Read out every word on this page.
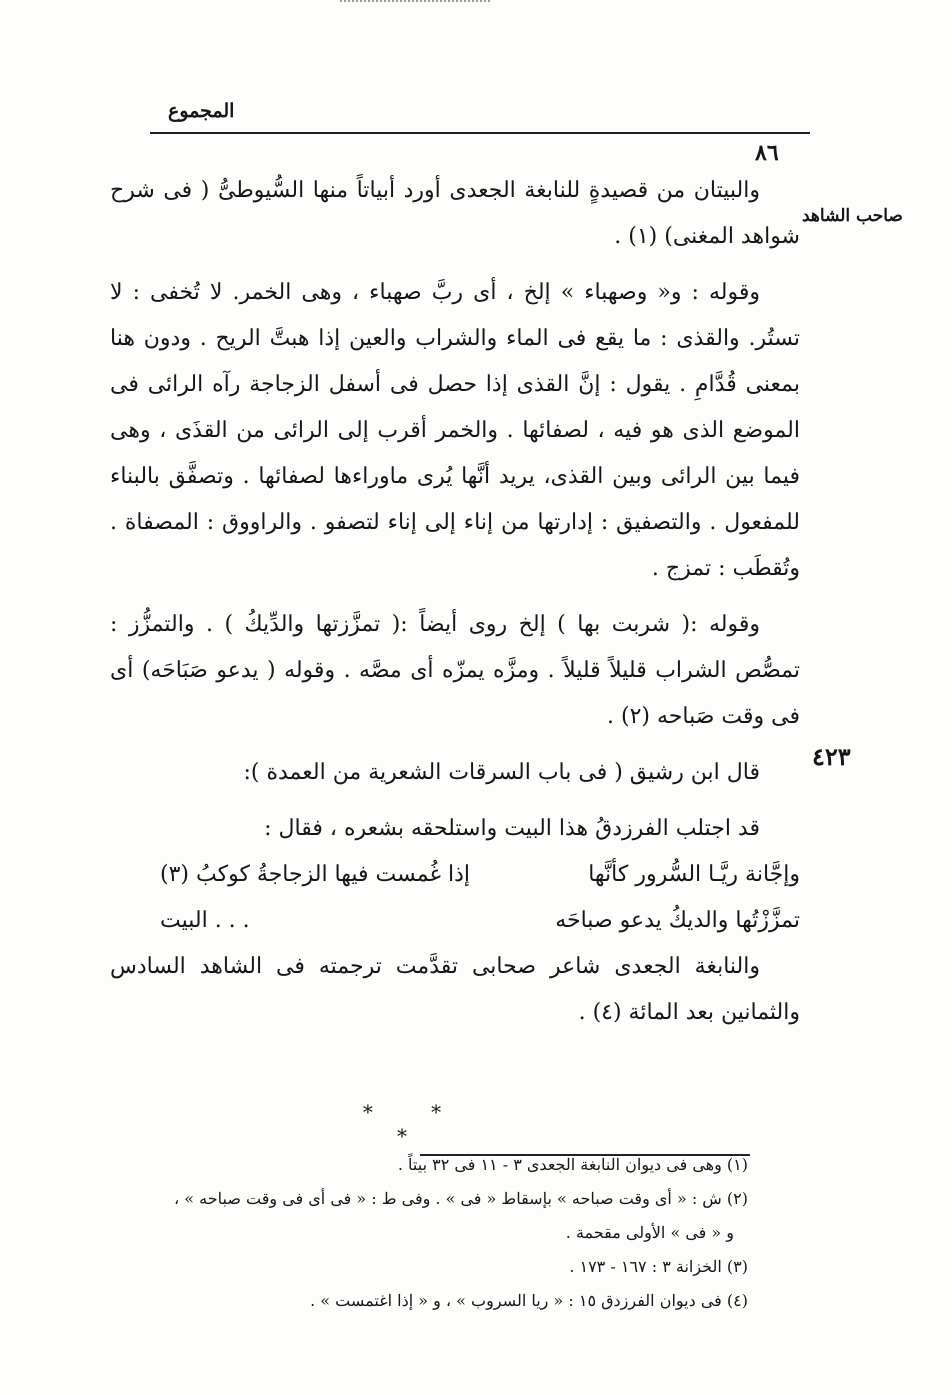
المجموع
٨٦
صاحب الشاهد
٤٢٣

والبيتان من قصيدةٍ للنابغة الجعدى أورد أبياتاً منها السُّيوطىُّ ( فى شرح شواهد المغنى) (١) .

وقوله : و« وصهباء » إلخ ، أى ربَّ صهباء ، وهى الخمر. لا تُخفى : لا تستُر. والقذى : ما يقع فى الماء والشراب والعين إذا هبتَّ الريح . ودون هنا بمعنى قُدَّامِ . يقول : إنَّ القذى إذا حصل فى أسفل الزجاجة رآه الرائى فى الموضع الذى هو فيه ، لصفائها . والخمر أقرب إلى الرائى من القذَى ، وهى فيما بين الرائى وبين القذى، يريد أنَّها يُرى ماوراءها لصفائها . وتصفَّق بالبناء للمفعول . والتصفيق : إدارتها من إناء إلى إناء لتصفو . والراووق : المصفاة . وتُقطَب : تمزج .

وقوله :( شربت بها ) إلخ روى أيضاً :( تمزَّزتها والدِّيكُ ) . والتمزُّز : تمصُّص الشراب قليلاً قليلاً . ومزَّه يمزّه أى مصَّه . وقوله ( يدعو صَبَاحَه) أى فى وقت صَباحه (٢) .

قال ابن رشيق ( فى باب السرقات الشعرية من العمدة ):

قد اجتلب الفرزدقُ هذا البيت واستلحقه بشعره ، فقال :

وإجَّانة ريَّـا السُّرور كأنَّها
إذا غُمست فيها الزجاجةُ كوكبُ (٣)
تمزَّزْتُها والديكُ يدعو صباحَه
. . . البيت

والنابغة الجعدى شاعر صحابى تقدَّمت ترجمته فى الشاهد السادس والثمانين بعد المائة (٤) .

* * *

(١) وهى فى ديوان النابغة الجعدى ٣ - ١١ فى ٣٢ بيتاً .

(٢) ش : « أى وقت صباحه » بإسقاط « فى » . وفى ط : « فى أى فى وقت صباحه » ،

و « فى » الأولى مقحمة .

(٣) الخزانة ٣ : ١٦٧ - ١٧٣ .

(٤) فى ديوان الفرزدق ١٥ : « ريا السروب » ، و « إذا اغتمست » .
